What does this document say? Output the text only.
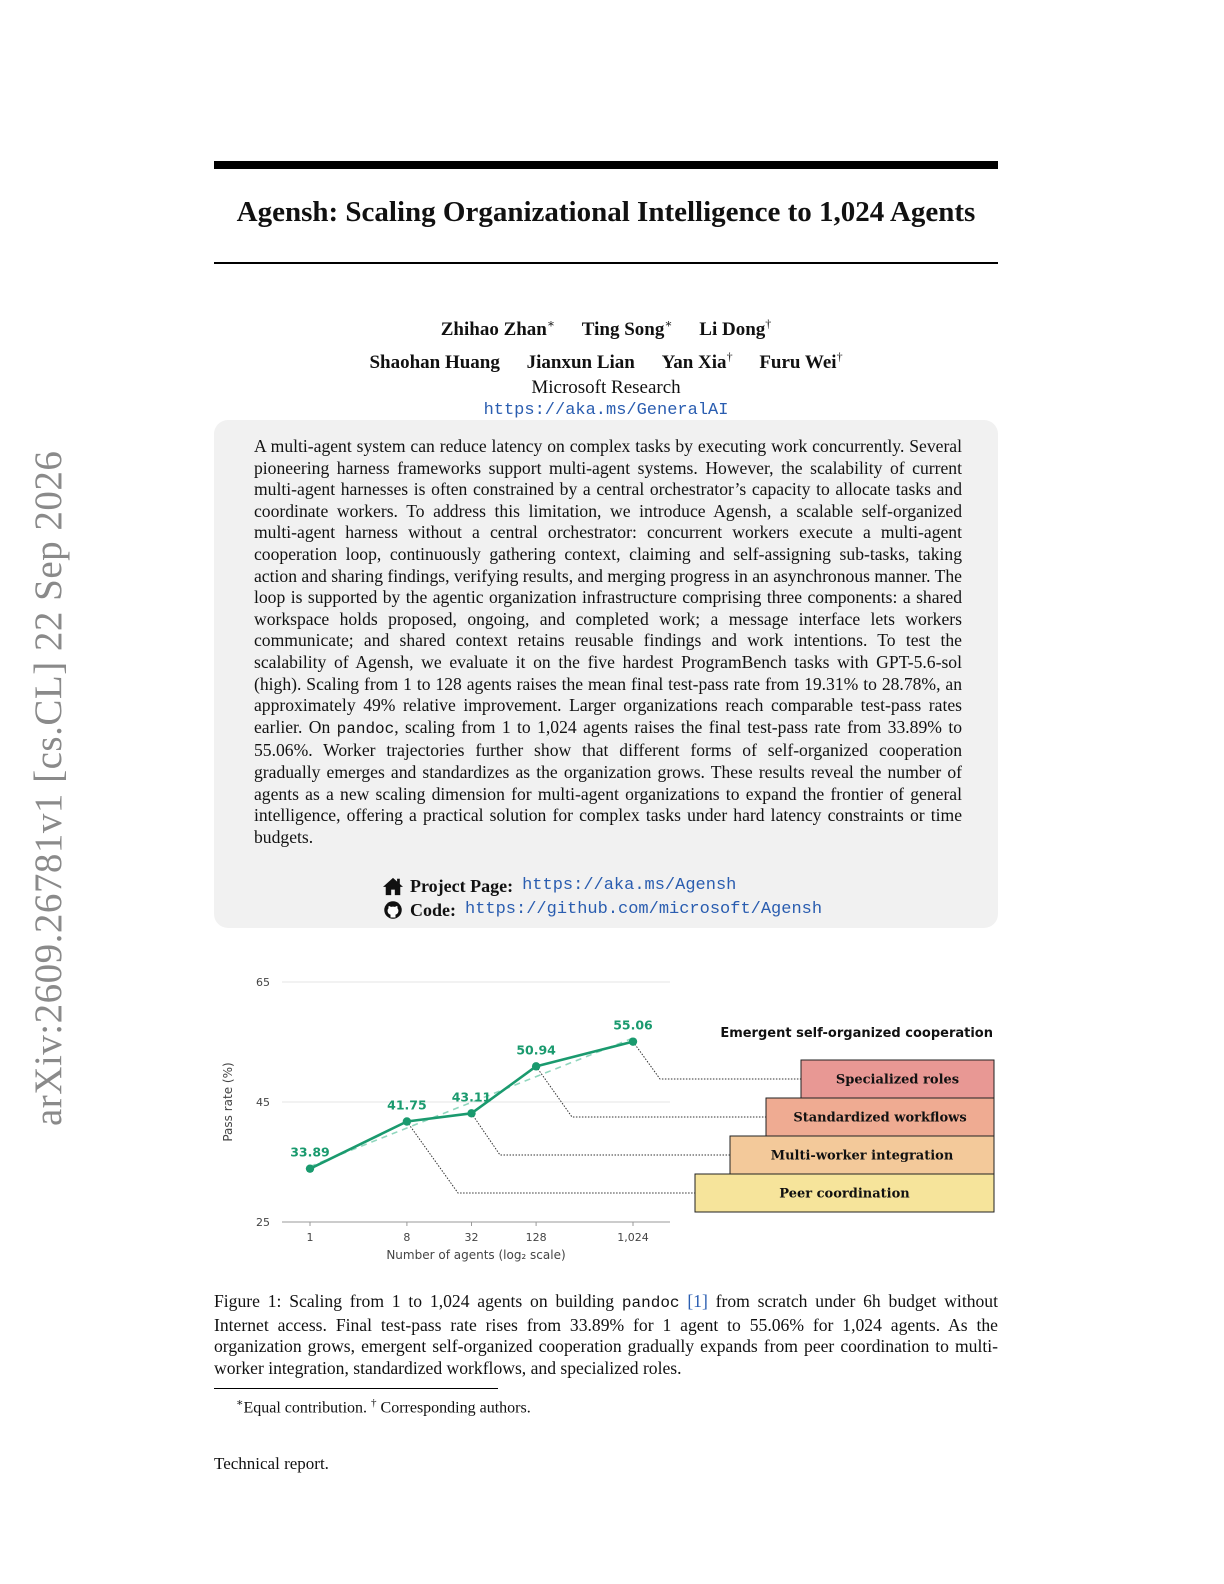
arXiv:2609.26781v1 [cs.CL] 22 Sep 2026
Agensh: Scaling Organizational Intelligence to 1,024 Agents
Zhihao Zhan∗ Ting Song∗ Li Dong†
Shaohan Huang Jianxun Lian Yan Xia† Furu Wei†
Microsoft Research
https://aka.ms/GeneralAI
A multi-agent system can reduce latency on complex tasks by executing work concurrently. Several pioneering harness frameworks support multi-agent systems. However, the scalability of current multi-agent harnesses is often constrained by a central orchestrator’s capacity to allocate tasks and coordinate workers. To address this limitation, we introduce Agensh, a scalable self-organized multi-agent harness without a central orchestrator: concurrent workers execute a multi-agent cooperation loop, continuously gathering context, claiming and self-assigning sub-tasks, taking action and sharing findings, verifying results, and merging progress in an asynchronous manner. The loop is supported by the agentic organization infrastructure comprising three components: a shared workspace holds proposed, ongoing, and completed work; a message interface lets workers communicate; and shared context retains reusable findings and work intentions. To test the scalability of Agensh, we evaluate it on the five hardest ProgramBench tasks with GPT-5.6-sol (high). Scaling from 1 to 128 agents raises the mean final test-pass rate from 19.31% to 28.78%, an approximately 49% relative improvement. Larger organizations reach comparable test-pass rates earlier. On pandoc, scaling from 1 to 1,024 agents raises the final test-pass rate from 33.89% to 55.06%. Worker trajectories further show that different forms of self-organized cooperation gradually emerges and standardizes as the organization grows. These results reveal the number of agents as a new scaling dimension for multi-agent organizations to expand the frontier of general intelligence, offering a practical solution for complex tasks under hard latency constraints or time budgets.
Project Page: https://aka.ms/Agensh
Code: https://github.com/microsoft/Agensh
Emergent self-organized cooperation
Specialized roles
Standardized workflows
Multi-worker integration
Peer coordination
33.89
41.75
43.11
50.94
55.06
25
45
65
1	8	32	128	1,024
Number of agents (log₂ scale)
Pass rate (%)
Figure 1: Scaling from 1 to 1,024 agents on building pandoc [1] from scratch under 6h budget without Internet access. Final test-pass rate rises from 33.89% for 1 agent to 55.06% for 1,024 agents. As the organization grows, emergent self-organized cooperation gradually expands from peer coordination to multi-worker integration, standardized workflows, and specialized roles.
∗Equal contribution. † Corresponding authors.
Technical report.
